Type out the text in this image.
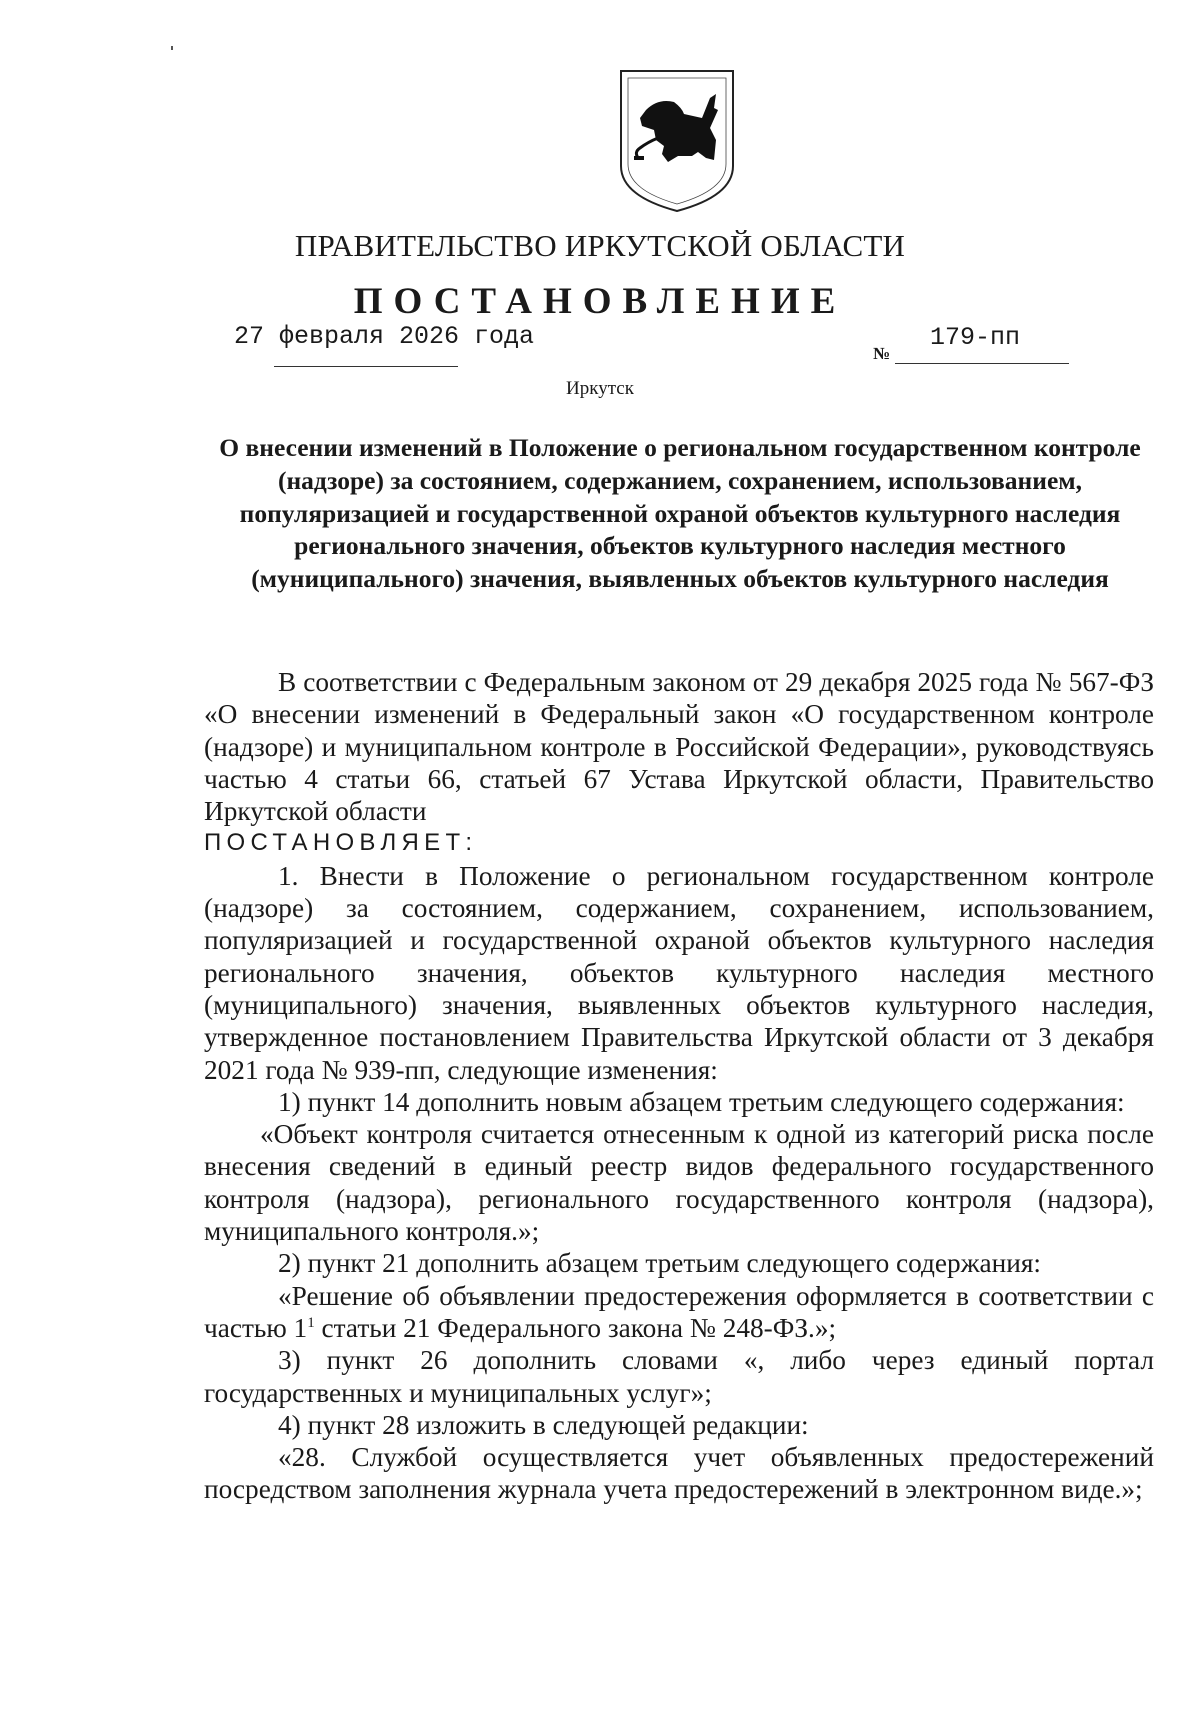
ПРАВИТЕЛЬСТВО ИРКУТСКОЙ ОБЛАСТИ
ПОСТАНОВЛЕНИЕ
27 февраля 2026 года
№
179-пп
Иркутск
О внесении изменений в Положение о региональном государственном контроле (надзоре) за состоянием, содержанием, сохранением, использованием, популяризацией и государственной охраной объектов культурного наследия регионального значения, объектов культурного наследия местного (муниципального) значения, выявленных объектов культурного наследия

В соответствии с Федеральным законом от 29 декабря 2025 года № 567-ФЗ «О внесении изменений в Федеральный закон «О государственном контроле (надзоре) и муниципальном контроле в Российской Федерации», руководствуясь частью 4 статьи 66, статьей 67 Устава Иркутской области, Правительство Иркутской области

ПОСТАНОВЛЯЕТ:

1. Внести в Положение о региональном государственном контроле (надзоре) за состоянием, содержанием, сохранением, использованием, популяризацией и государственной охраной объектов культурного наследия регионального значения, объектов культурного наследия местного (муниципального) значения, выявленных объектов культурного наследия, утвержденное постановлением Правительства Иркутской области от 3 декабря 2021 года № 939-пп, следующие изменения:

1) пункт 14 дополнить новым абзацем третьим следующего содержания:

«Объект контроля считается отнесенным к одной из категорий риска после внесения сведений в единый реестр видов федерального государственного контроля (надзора), регионального государственного контроля (надзора), муниципального контроля.»;

2) пункт 21 дополнить абзацем третьим следующего содержания:

«Решение об объявлении предостережения оформляется в соответствии с частью $1^1$ статьи 21 Федерального закона № 248-ФЗ.»;

3) пункт 26 дополнить словами «, либо через единый портал государственных и муниципальных услуг»;

4) пункт 28 изложить в следующей редакции:

«28. Службой осуществляется учет объявленных предостережений посредством заполнения журнала учета предостережений в электронном виде.»;
